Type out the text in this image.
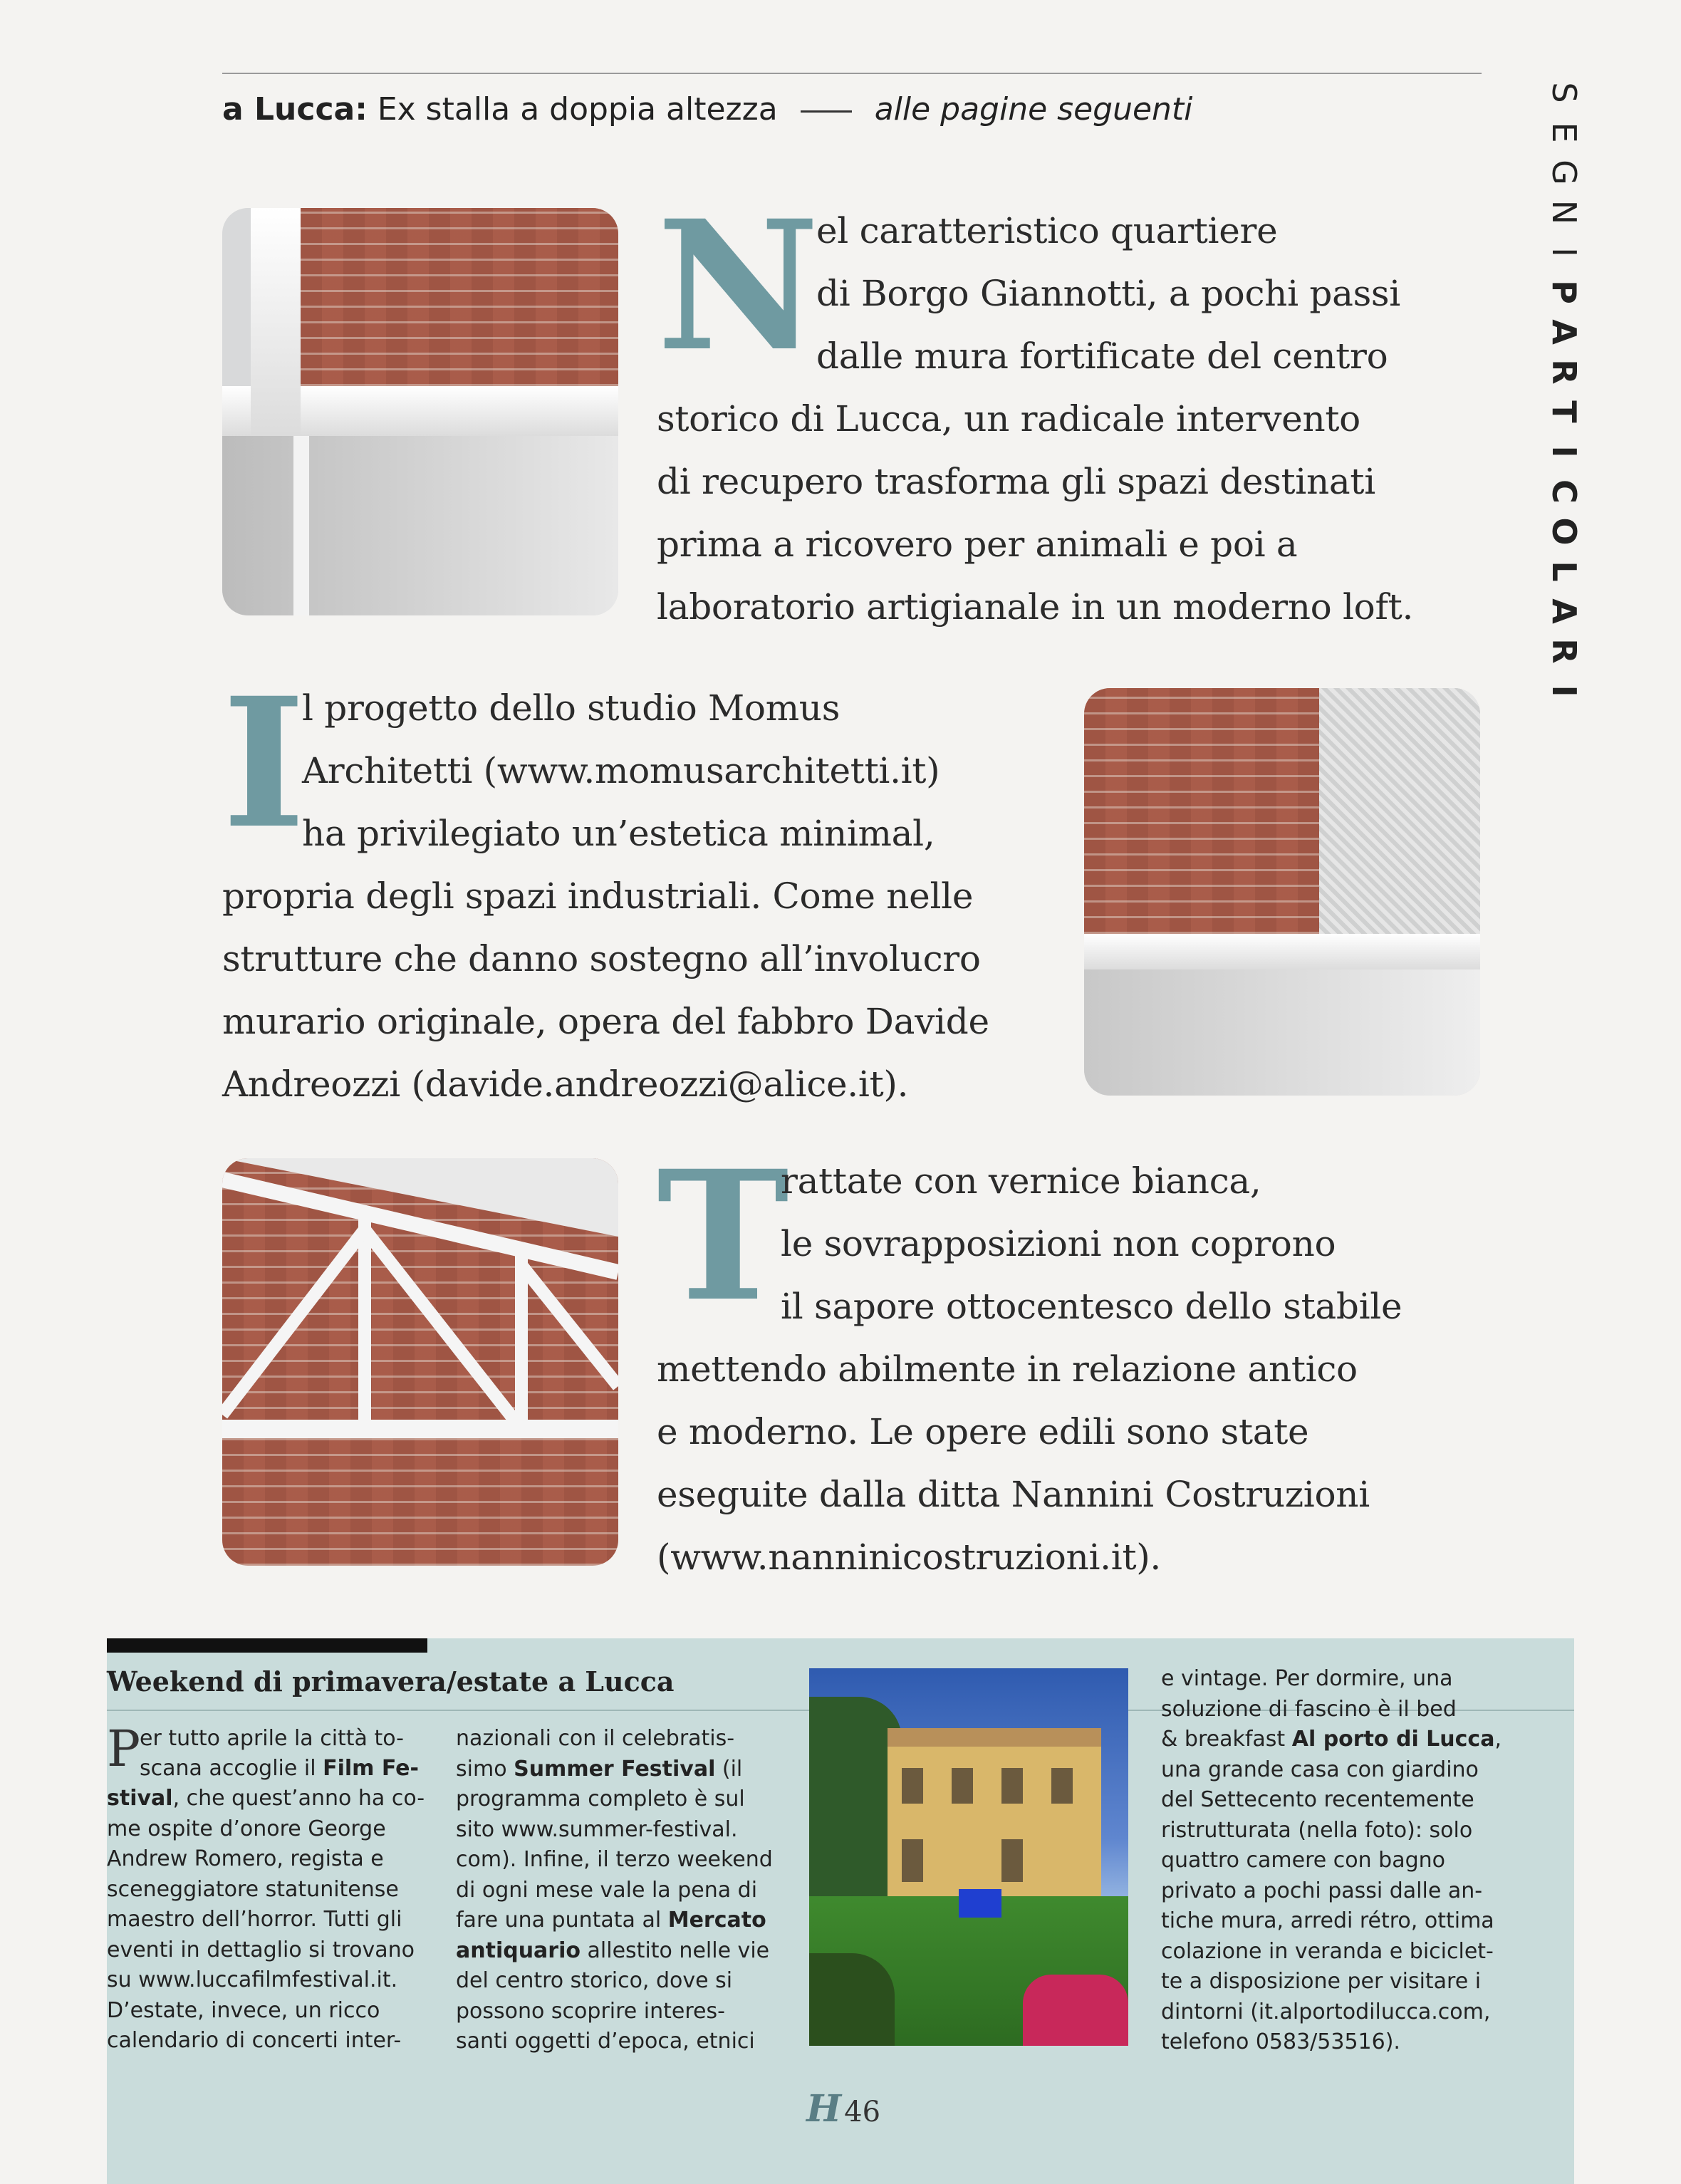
a Lucca: Ex stalla a doppia altezza	alle pagine seguenti	S
E
G
N
I
P
A
R
T
I
C
O
L
A
R
I
N
el caratteristico quartiere
di Borgo Giannotti, a pochi passi
dalle mura fortificate del centro
storico di Lucca, un radicale intervento
di recupero trasforma gli spazi destinati
prima a ricovero per animali e poi a
laboratorio artigianale in un moderno loft.
I
l progetto dello studio Momus
Architetti (www.momusarchitetti.it)
ha privilegiato un’estetica minimal,
propria degli spazi industriali. Come nelle
strutture che danno sostegno all’involucro
murario originale, opera del fabbro Davide
Andreozzi (davide.andreozzi@alice.it).
T
rattate con vernice bianca,
le sovrapposizioni non coprono
il sapore ottocentesco dello stabile
mettendo abilmente in relazione antico
e moderno. Le opere edili sono state
eseguite dalla ditta Nannini Costruzioni
(www.nanninicostruzioni.it).
Weekend di primavera/estate a Lucca
P
er tutto aprile la città to-
scana accoglie il Film Fe-
stival, che quest’anno ha co-
me ospite d’onore George
Andrew Romero, regista e
sceneggiatore statunitense
maestro dell’horror. Tutti gli
eventi in dettaglio si trovano
su www.luccafilmfestival.it.
D’estate, invece, un ricco
calendario di concerti inter-
nazionali con il celebratis-
simo Summer Festival (il
programma completo è sul
sito www.summer-festival.
com). Infine, il terzo weekend
di ogni mese vale la pena di
fare una puntata al Mercato
antiquario allestito nelle vie
del centro storico, dove si
possono scoprire interes-
santi oggetti d’epoca, etnici
e vintage. Per dormire, una
soluzione di fascino è il bed
& breakfast Al porto di Lucca,
una grande casa con giardino
del Settecento recentemente
ristrutturata (nella foto): solo
quattro camere con bagno
privato a pochi passi dalle an-
tiche mura, arredi rétro, ottima
colazione in veranda e biciclet-
te a disposizione per visitare i
dintorni (it.alportodilucca.com,
telefono 0583/53516).
H 46
